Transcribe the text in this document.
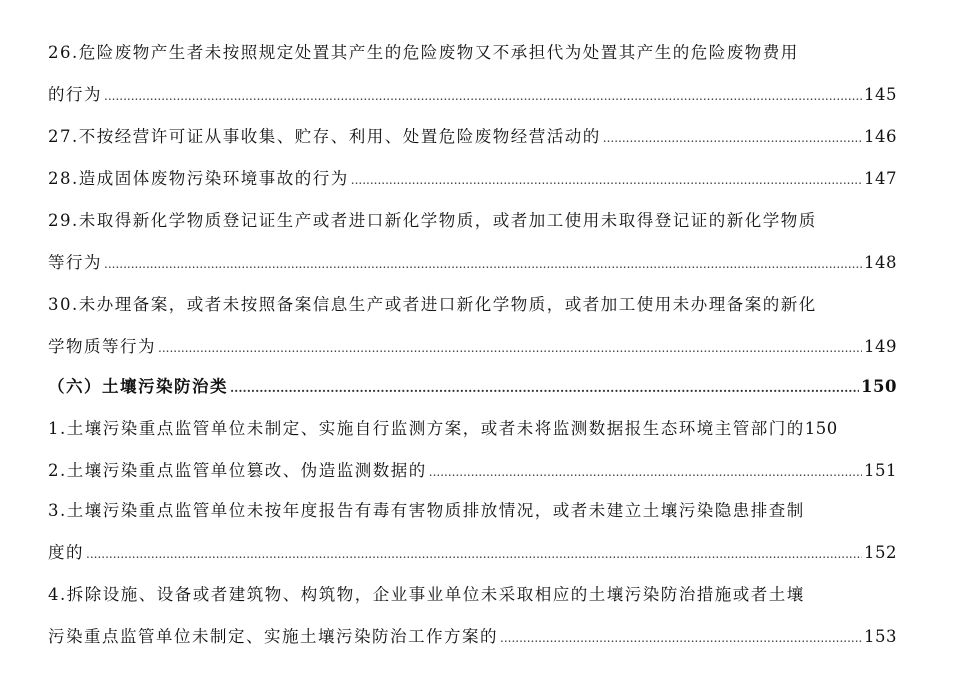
26.危险废物产生者未按照规定处置其产生的危险废物又不承担代为处置其产生的危险废物费用
的行为 .....	145
27.不按经营许可证从事收集、贮存、利用、处置危险废物经营活动的 .....	146
28.造成固体废物污染环境事故的行为 .....	147
29.未取得新化学物质登记证生产或者进口新化学物质，或者加工使用未取得登记证的新化学物质
等行为 .....	148
30.未办理备案，或者未按照备案信息生产或者进口新化学物质，或者加工使用未办理备案的新化
学物质等行为 .....	149
（六）土壤污染防治类 .....	150
1.土壤污染重点监管单位未制定、实施自行监测方案，或者未将监测数据报生态环境主管部门的 150
2.土壤污染重点监管单位篡改、伪造监测数据的 .....	151
3.土壤污染重点监管单位未按年度报告有毒有害物质排放情况，或者未建立土壤污染隐患排查制
度的 .....	152
4.拆除设施、设备或者建筑物、构筑物，企业事业单位未采取相应的土壤污染防治措施或者土壤
污染重点监管单位未制定、实施土壤污染防治工作方案的 .....	153
